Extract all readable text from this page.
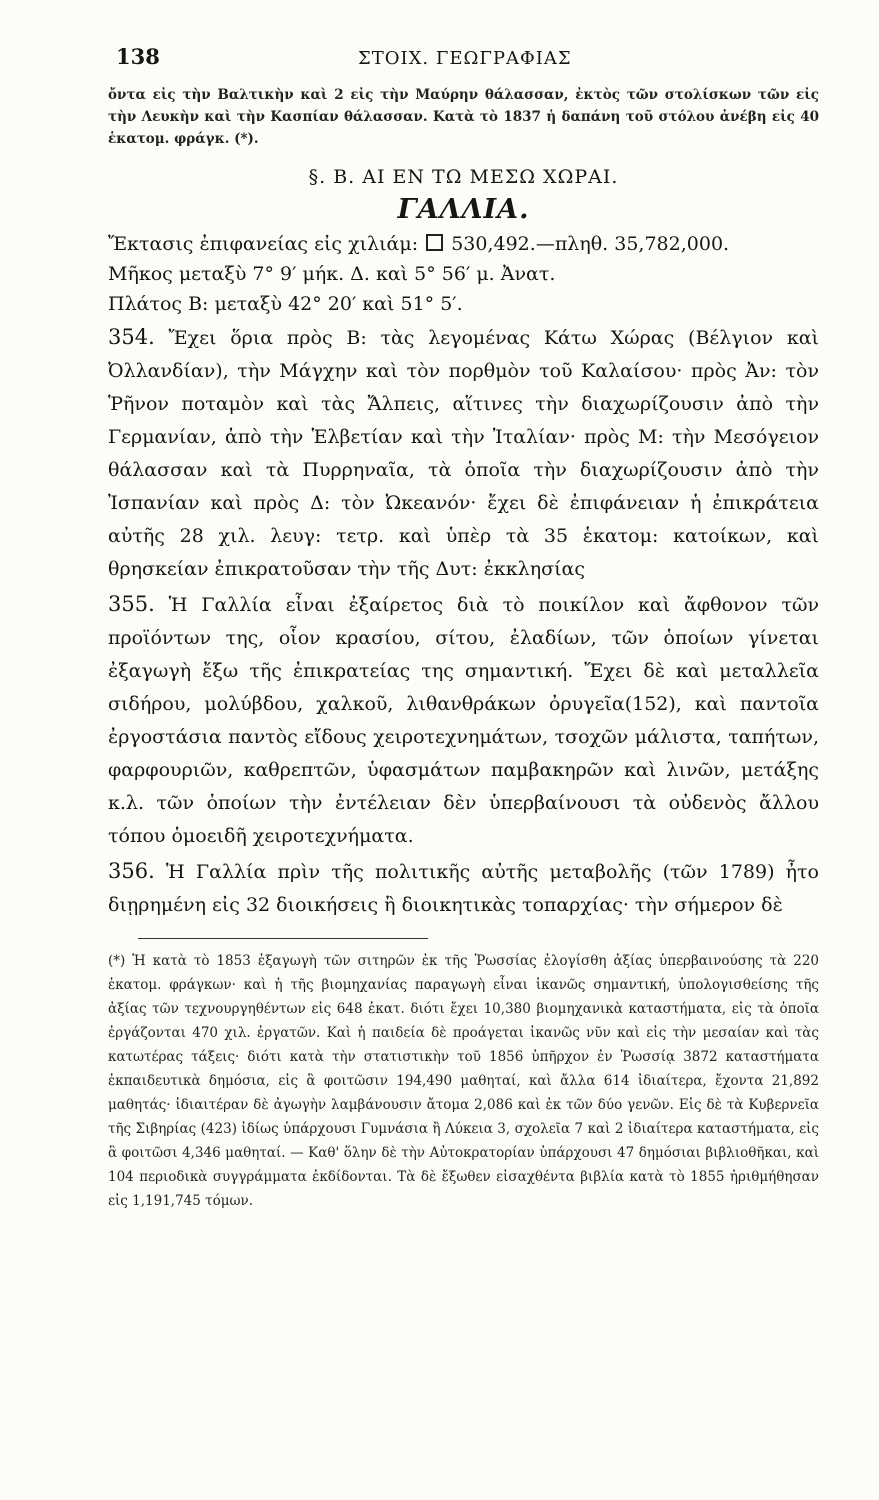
138	ΣΤΟΙΧ. ΓΕΩΓΡΑΦΙΑΣ
ὄντα εἰς τὴν Βαλτικὴν καὶ 2 εἰς τὴν Μαύρην θάλασσαν, ἐκτὸς τῶν στολίσκων τῶν εἰς τὴν Λευκὴν καὶ τὴν Κασπίαν θάλασσαν. Κατὰ τὸ 1837 ἡ δαπάνη τοῦ στόλου ἀνέβη εἰς 40 ἑκατομ. φράγκ. (*).
§. Β. ΑΙ ΕΝ ΤΩ ΜΕΣΩ ΧΩΡΑΙ.
ΓΑΛΛΙΑ.
Ἔκτασις ἐπιφανείας εἰς χιλιάμ: 530,492.—πληθ. 35,782,000.
Μῆκος μεταξὺ 7° 9′ μήκ. Δ. καὶ 5° 56′ μ. Ἀνατ.
Πλάτος Β: μεταξὺ 42° 20′ καὶ 51° 5′.
354. Ἔχει ὅρια πρὸς Β: τὰς λεγομένας Κάτω Χώρας (Βέλγιον καὶ Ὀλλανδίαν), τὴν Μάγχην καὶ τὸν πορθμὸν τοῦ Καλαίσου· πρὸς Ἀν: τὸν Ῥῆνον ποταμὸν καὶ τὰς Ἄλπεις, αἵτινες τὴν διαχωρίζουσιν ἀπὸ τὴν Γερμανίαν, ἀπὸ τὴν Ἑλβετίαν καὶ τὴν Ἰταλίαν· πρὸς Μ: τὴν Μεσόγειον θάλασσαν καὶ τὰ Πυρρηναῖα, τὰ ὁποῖα τὴν διαχωρίζουσιν ἀπὸ τὴν Ἰσπανίαν καὶ πρὸς Δ: τὸν Ὠκεανόν· ἔχει δὲ ἐπιφάνειαν ἡ ἐπικράτεια αὐτῆς 28 χιλ. λευγ: τετρ. καὶ ὑπὲρ τὰ 35 ἑκατομ: κατοίκων, καὶ θρησκείαν ἐπικρατοῦσαν τὴν τῆς Δυτ: ἐκκλησίας
355. Ἡ Γαλλία εἶναι ἐξαίρετος διὰ τὸ ποικίλον καὶ ἄφθονον τῶν προϊόντων της, οἷον κρασίου, σίτου, ἐλαδίων, τῶν ὁποίων γίνεται ἐξαγωγὴ ἔξω τῆς ἐπικρατείας της σημαντική. Ἔχει δὲ καὶ μεταλλεῖα σιδήρου, μολύβδου, χαλκοῦ, λιθανθράκων ὀρυγεῖα(152), καὶ παντοῖα ἐργοστάσια παντὸς εἴδους χειροτεχνημάτων, τσοχῶν μάλιστα, ταπήτων, φαρφουριῶν, καθρεπτῶν, ὑφασμάτων παμβακηρῶν καὶ λινῶν, μετάξης κ.λ. τῶν ὁποίων τὴν ἐντέλειαν δὲν ὑπερβαίνουσι τὰ οὐδενὸς ἄλλου τόπου ὁμοειδῆ χειροτεχνήματα.
356. Ἡ Γαλλία πρὶν τῆς πολιτικῆς αὐτῆς μεταβολῆς (τῶν 1789) ἦτο διῃρημένη εἰς 32 διοικήσεις ἢ διοικητικὰς τοπαρχίας· τὴν σήμερον δὲ
(*) Ἡ κατὰ τὸ 1853 ἐξαγωγὴ τῶν σιτηρῶν ἐκ τῆς Ῥωσσίας ἐλογίσθη ἀξίας ὑπερβαινούσης τὰ 220 ἑκατομ. φράγκων· καὶ ἡ τῆς βιομηχανίας παραγωγὴ εἶναι ἱκανῶς σημαντική, ὑπολογισθείσης τῆς ἀξίας τῶν τεχνουργηθέντων εἰς 648 ἑκατ. διότι ἔχει 10,380 βιομηχανικὰ καταστήματα, εἰς τὰ ὁποῖα ἐργάζονται 470 χιλ. ἐργατῶν. Καὶ ἡ παιδεία δὲ προάγεται ἱκανῶς νῦν καὶ εἰς τὴν μεσαίαν καὶ τὰς κατωτέρας τάξεις· διότι κατὰ τὴν στατιστικὴν τοῦ 1856 ὑπῆρχον ἐν Ῥωσσίᾳ 3872 καταστήματα ἐκπαιδευτικὰ δημόσια, εἰς ἃ φοιτῶσιν 194,490 μαθηταί, καὶ ἄλλα 614 ἰδιαίτερα, ἔχοντα 21,892 μαθητάς· ἰδιαιτέραν δὲ ἀγωγὴν λαμβάνουσιν ἄτομα 2,086 καὶ ἐκ τῶν δύο γενῶν. Εἰς δὲ τὰ Κυβερνεῖα τῆς Σιβηρίας (423) ἰδίως ὑπάρχουσι Γυμνάσια ἢ Λύκεια 3, σχολεῖα 7 καὶ 2 ἰδιαίτερα καταστήματα, εἰς ἃ φοιτῶσι 4,346 μαθηταί. — Καθ' ὅλην δὲ τὴν Αὐτοκρατορίαν ὑπάρχουσι 47 δημόσιαι βιβλιοθῆκαι, καὶ 104 περιοδικὰ συγγράμματα ἐκδίδονται. Τὰ δὲ ἔξωθεν εἰσαχθέντα βιβλία κατὰ τὸ 1855 ἠριθμήθησαν εἰς 1,191,745 τόμων.
